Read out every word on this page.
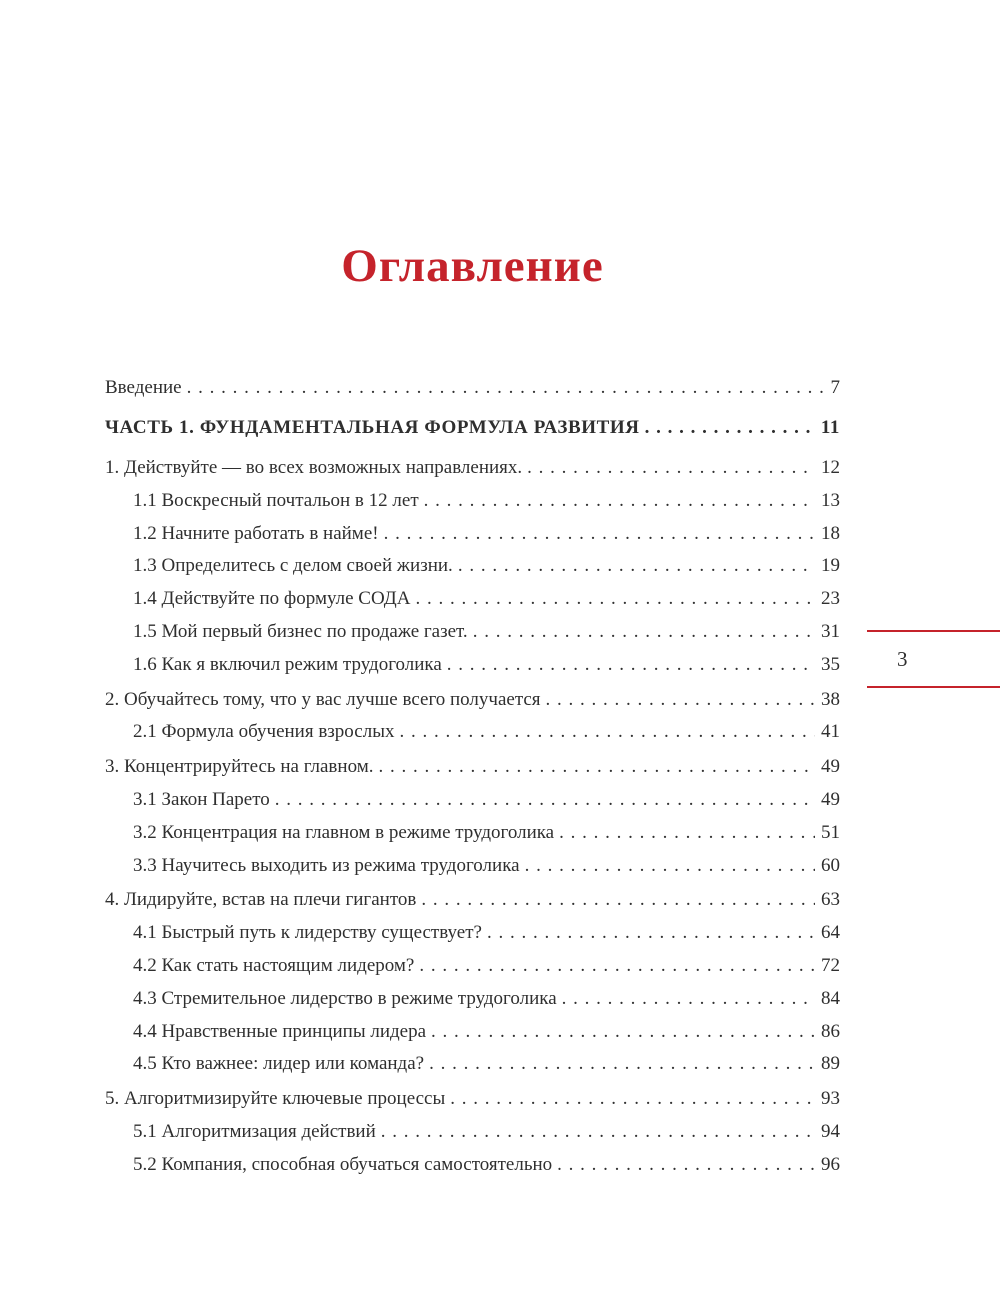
Оглавление
Введение . . .	7
ЧАСТЬ 1. ФУНДАМЕНТАЛЬНАЯ ФОРМУЛА РАЗВИТИЯ . . .	11
1. Действуйте — во всех возможных направлениях. . . .	12
1.1 Воскресный почтальон в 12 лет . . .	13
1.2 Начните работать в найме! . . .	18
1.3 Определитесь с делом своей жизни. . . .	19
1.4 Действуйте по формуле СОДА . . .	23
1.5 Мой первый бизнес по продаже газет. . . .	31
1.6 Как я включил режим трудоголика . . .	35
2. Обучайтесь тому, что у вас лучше всего получается . . .	38
2.1 Формула обучения взрослых . . .	41
3. Концентрируйтесь на главном. . . .	49
3.1 Закон Парето . . .	49
3.2 Концентрация на главном в режиме трудоголика . . .	51
3.3 Научитесь выходить из режима трудоголика . . .	60
4. Лидируйте, встав на плечи гигантов . . .	63
4.1 Быстрый путь к лидерству существует? . . .	64
4.2 Как стать настоящим лидером? . . .	72
4.3 Стремительное лидерство в режиме трудоголика . . .	84
4.4 Нравственные принципы лидера . . .	86
4.5 Кто важнее: лидер или команда? . . .	89
5. Алгоритмизируйте ключевые процессы . . .	93
5.1 Алгоритмизация действий . . .	94
5.2 Компания, способная обучаться самостоятельно . . .	96
3
